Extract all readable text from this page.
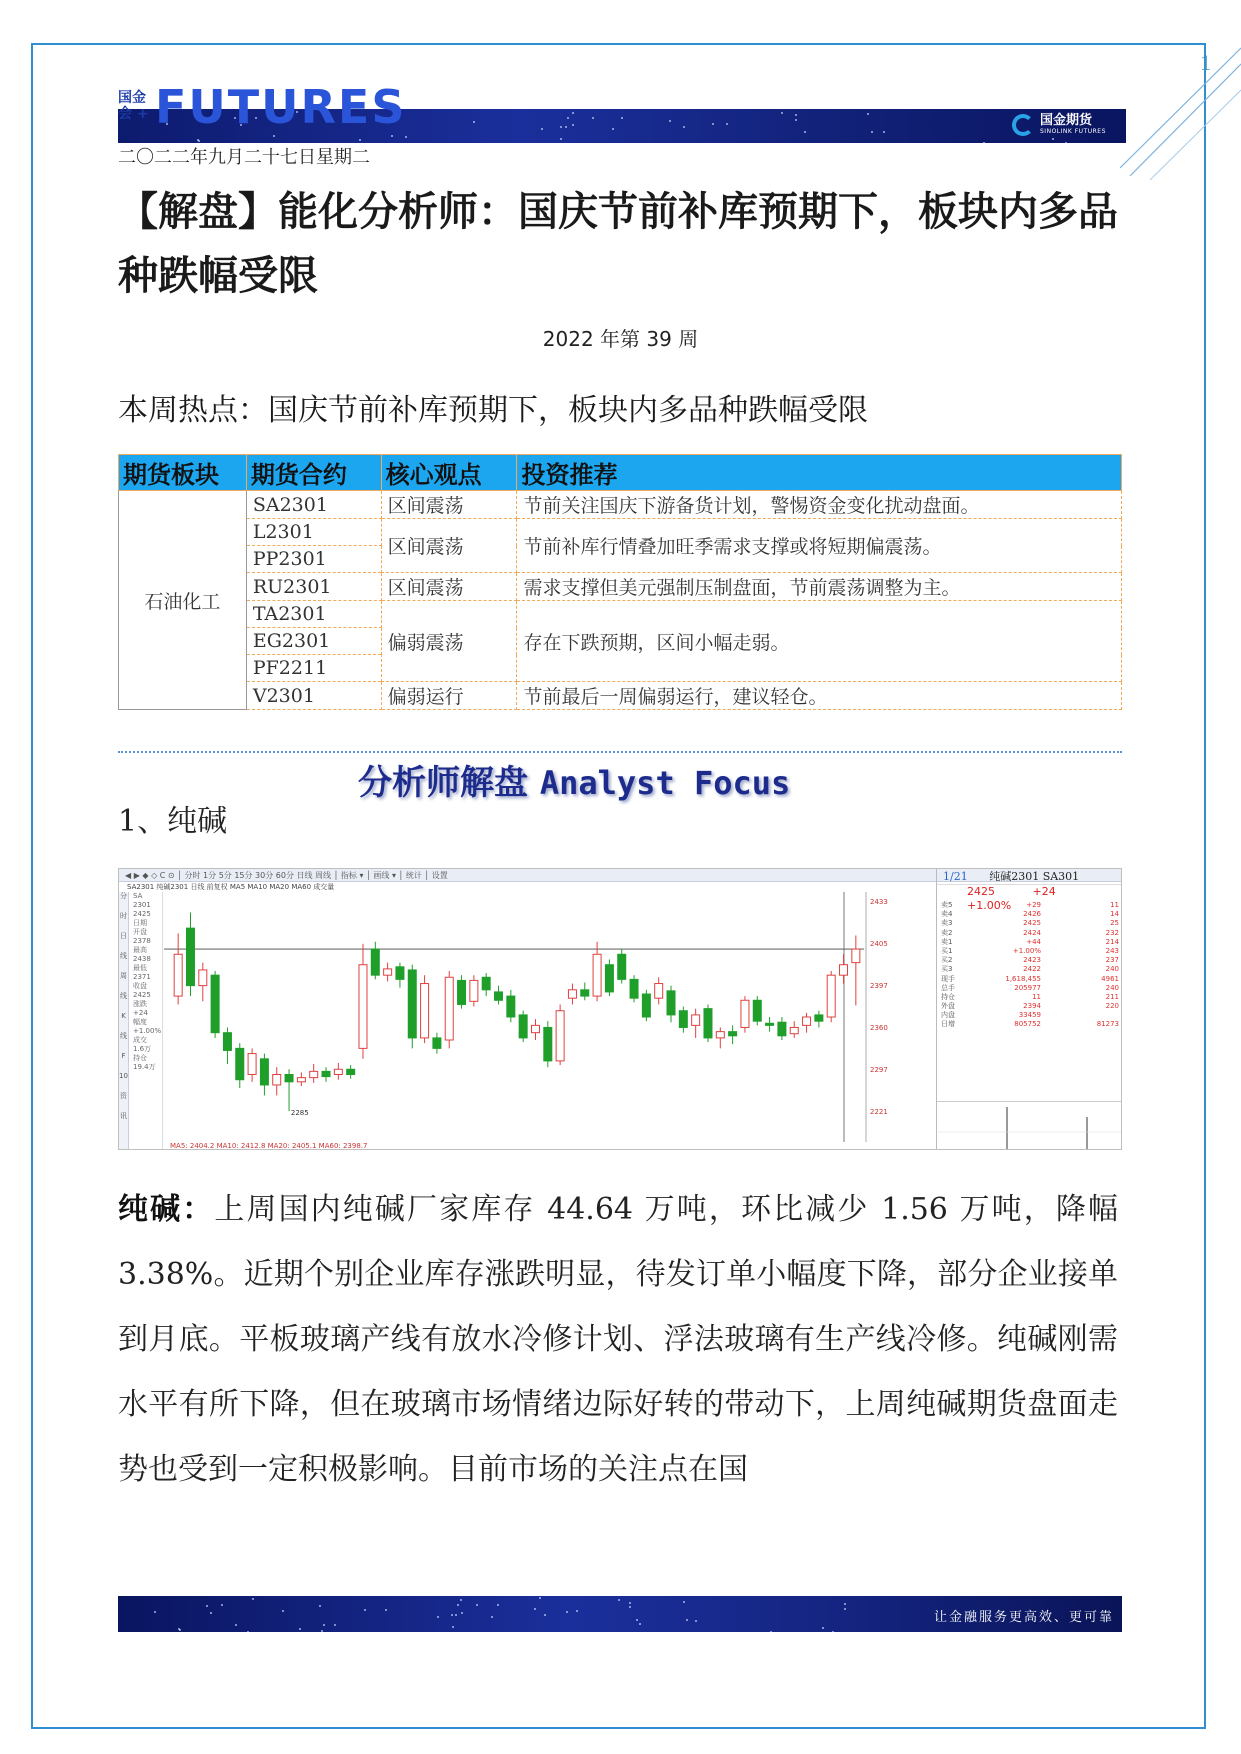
1
国金
会 + FUTURES	国金期货
SINOLINK FUTURES
二〇二二年九月二十七日星期二
【解盘】能化分析师：国庆节前补库预期下，板块内多品种跌幅受限
2022 年第 39 周
本周热点：国庆节前补库预期下，板块内多品种跌幅受限
期货板块	期货合约	核心观点	投资推荐
石油化工	SA2301	区间震荡	节前关注国庆下游备货计划，警惕资金变化扰动盘面。
	L2301	区间震荡	节前补库行情叠加旺季需求支撑或将短期偏震荡。
	PP2301		
	RU2301	区间震荡	需求支撑但美元强制压制盘面，节前震荡调整为主。
	TA2301	偏弱震荡	存在下跌预期，区间小幅走弱。
	EG2301		
	PF2211		
	V2301	偏弱运行	节前最后一周偏弱运行，建议轻仓。
分析师解盘 Analyst Focus
1、纯碱
◀ ▶ ◆ ◇ C ⊙ │ 分时 1分 5分 15分 30分 60分 日线 周线 │ 指标 ▾ │ 画线 ▾ │ 统计 │ 设置
SA2301 纯碱2301 日线 前复权 MA5 MA10 MA20 MA60 成交量
分
时
日
线
周
线
K
线
F
10
资
讯
SA
2301
2425
日期
开盘
2378
最高
2438
最低
2371
收盘
2425
涨跌
+24
幅度
+1.00%
成交
1.6万
持仓
19.4万
2433
2405
2397
2360
2297
2221
2285
MA5: 2404.2 MA10: 2412.8 MA20: 2405.1 MA60: 2398.7
1/21 纯碱2301 SA301
2425	+24 +1.00%
卖5	+29	11
卖4	2426	14
卖3	2425	25
卖2	2424	232
卖1	+44	214
买1	+1.00%	243
买2	2423	237
买3	2422	240
现手	1,618,455	4961
总手	205977	240
持仓	11	211
外盘	2394	220
内盘	33459
日增	805752	81273
纯碱：上周国内纯碱厂家库存 44.64 万吨，环比减少 1.56 万吨，降幅 3.38%。近期个别企业库存涨跌明显，待发订单小幅度下降，部分企业接单到月底。平板玻璃产线有放水冷修计划、浮法玻璃有生产线冷修。纯碱刚需水平有所下降，但在玻璃市场情绪边际好转的带动下，上周纯碱期货盘面走势也受到一定积极影响。目前市场的关注点在国
让金融服务更高效、更可靠
